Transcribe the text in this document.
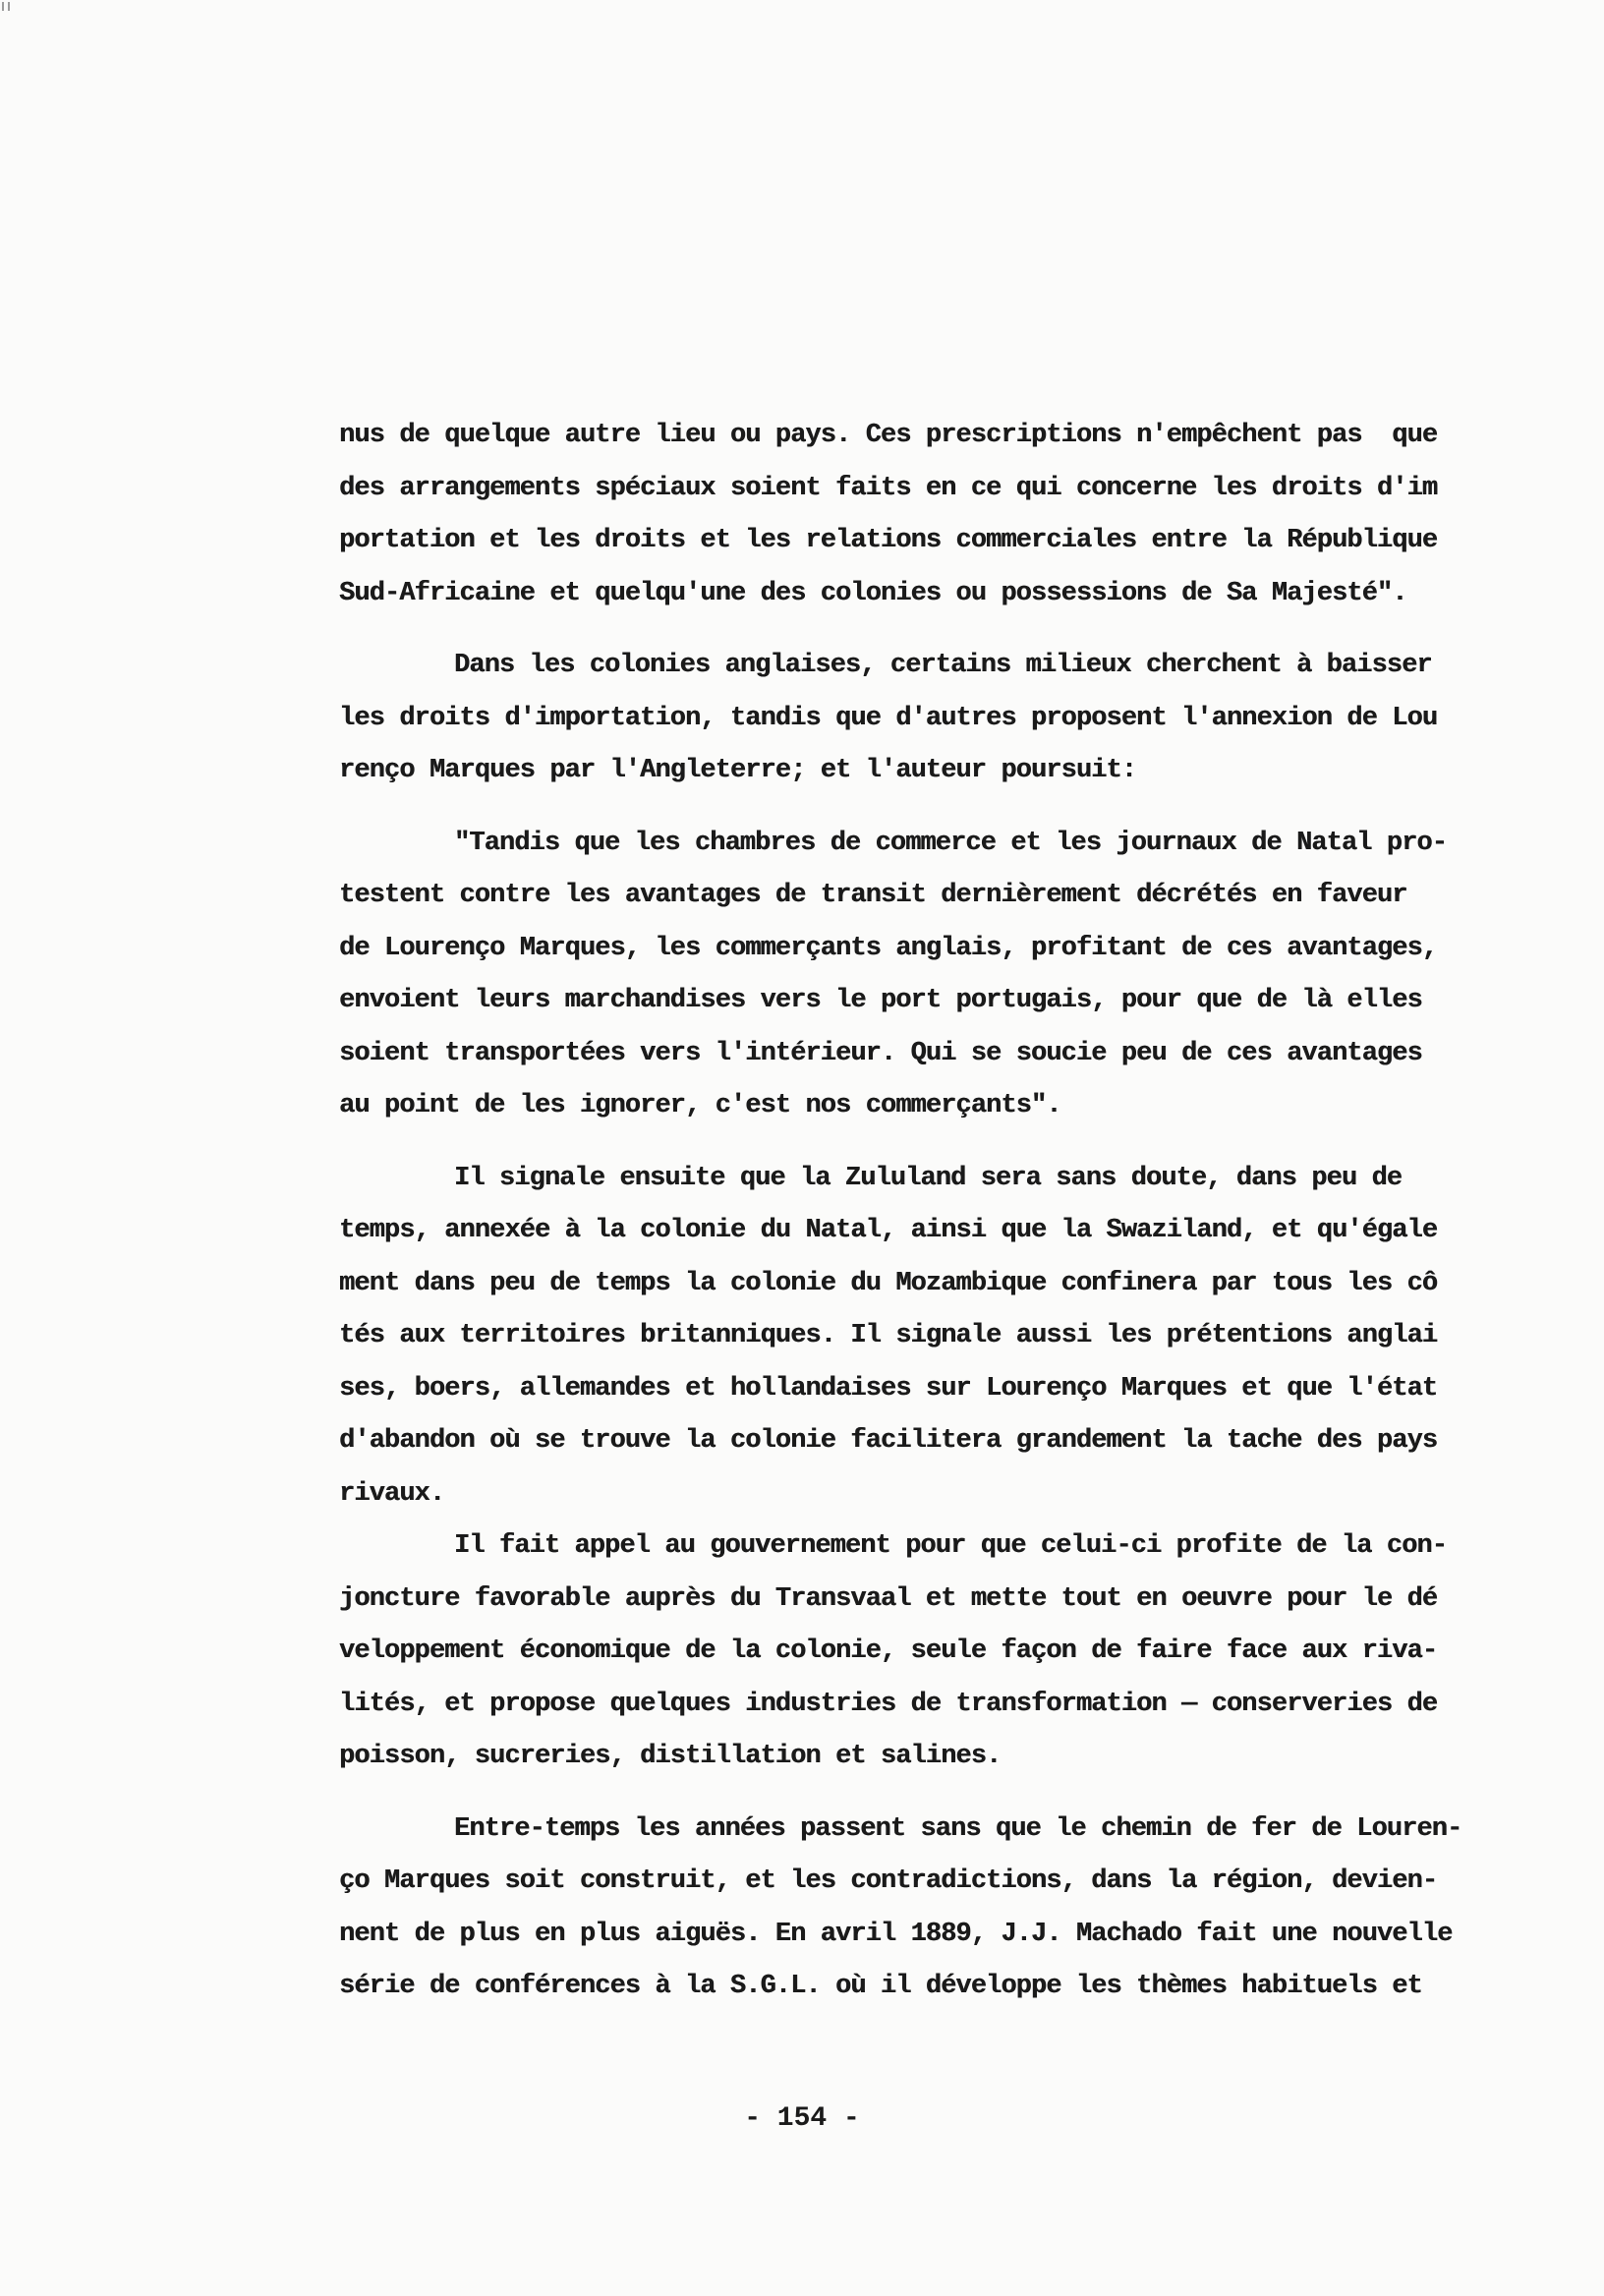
nus de quelque autre lieu ou pays. Ces prescriptions n'empêchent pas  que
des arrangements spéciaux soient faits en ce qui concerne les droits d'im
portation et les droits et les relations commerciales entre la République
Sud-Africaine et quelqu'une des colonies ou possessions de Sa Majesté".
Dans les colonies anglaises, certains milieux cherchent à baisser
les droits d'importation, tandis que d'autres proposent l'annexion de Lou
renço Marques par l'Angleterre; et l'auteur poursuit:
"Tandis que les chambres de commerce et les journaux de Natal pro-
testent contre les avantages de transit dernièrement décrétés en faveur
de Lourenço Marques, les commerçants anglais, profitant de ces avantages,
envoient leurs marchandises vers le port portugais, pour que de là elles
soient transportées vers l'intérieur. Qui se soucie peu de ces avantages
au point de les ignorer, c'est nos commerçants".
Il signale ensuite que la Zululand sera sans doute, dans peu de
temps, annexée à la colonie du Natal, ainsi que la Swaziland, et qu'égale
ment dans peu de temps la colonie du Mozambique confinera par tous les cô
tés aux territoires britanniques. Il signale aussi les prétentions anglai
ses, boers, allemandes et hollandaises sur Lourenço Marques et que l'état
d'abandon où se trouve la colonie facilitera grandement la tache des pays
rivaux.
Il fait appel au gouvernement pour que celui-ci profite de la con-
joncture favorable auprès du Transvaal et mette tout en oeuvre pour le dé
veloppement économique de la colonie, seule façon de faire face aux riva-
lités, et propose quelques industries de transformation — conserveries de
poisson, sucreries, distillation et salines.
Entre-temps les années passent sans que le chemin de fer de Louren-
ço Marques soit construit, et les contradictions, dans la région, devien-
nent de plus en plus aiguës. En avril 1889, J.J. Machado fait une nouvelle
série de conférences à la S.G.L. où il développe les thèmes habituels et
- 154 -
